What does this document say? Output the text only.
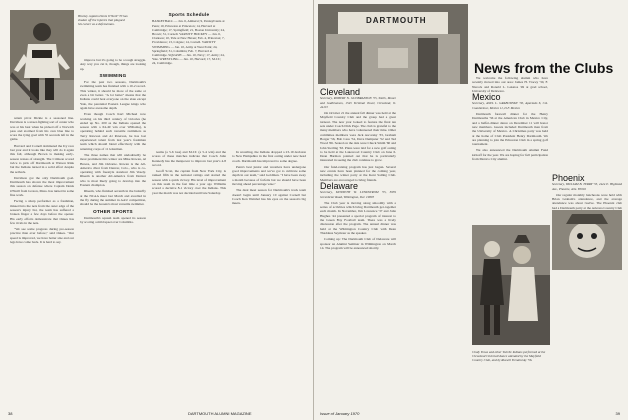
Hockey captain Denis O'Neill '70 has shaken off the injuries that plagued his career as a defenseman.

return pivot Dickie is a seasoned line. Davidson is a street-fighting sort of center who was at his best when he picked off a Norwich pass and stormed from his own blue line to score the tying goal with 55 seconds left in the game.

Harvard and Cornell dominated the Ivy race last year and it looks like they will do it again this fall, although Brown is making early-season noises of strength. The Crimson scored twice to pick off Dartmouth at Watson Rink but the Indians turned in a solid effort despite the setback.

Davidson got the only Dartmouth goal. Dartmouth has shown the most improvement this season on defense where Captain Denis O'Neill from Groton, Mass. has turned in some fine work.

Facing a sharp performer as a freshman, missed into the nets from the outer edge of the season's injury list, the team has suffered a broken finger a few days before the opener. His early efforts demonstrate that Oakes has few rivals in the nets.

"We see some progress during pre-season practice than ever before," said Oakes. "Our speed is improved, we have better size and our legs have come back. It is hard to say.

improve but it's going to be a tough struggle. Any way you cut it, though, things are looking up.

SWIMMING

For the past two seasons, Dartmouth's swimming team has finished with a 10-2 record. This winter, it should be more of the same or even a bit better. "A lot better" means that the Indians could beat everyone on the slate except Yale, the perennial Eastern League kings who again have awesome depth.

Even though Coach Karl Michael now working on his third century of victories (he ended up No. 200 as the Indians opened the season with a 64-49 win over Williams), is operating behind such versatile swimmers as Terry Rawson and Al Peterson, he has lost experienced talent from last year's freshman team which should blend effectively with the returning corps of 11 lettermen.

The three names that will undoubtedly be most prominent this winter are Mike Rowan, Al Hewes, and Jim Osborne. Rowan is the All-America diver from Denver, Colo., who is co-operating with freestyle standout Jim Vesely. Rheem is another All-America from Denver who is most likely going to develop into the Eastern champion.

Rheem, who finished seventh in the butterfly at the NCAA meet last March and excelled in the fly during the summer in AAU competition, should be the Greens's most versatile swimmer.

OTHER SPORTS

Dartmouth's squash team opened its season by scoring a mild upset over Columbia.

Sports Schedule
BASKETBALL — Jan. 6, Amherst; 9, Pennsylvania at Penn; 10, Princeton at Princeton; 14, Harvard at Cambridge; 17, Springfield; 21, Boston University; 24, Brown; 31, Cornell. VARSITY HOCKEY — Jan. 6, Clarkson; 10, Yale at New Haven; Feb. 4, Princeton; 7, Providence; 13, Colgate; 14, Cornell. VARSITY SWIMMING — Jan. 10, Army at West Point; 24, Springfield; 31, Columbia; Feb. 7, Harvard at Cambridge. SQUASH — Jan. 10, Navy; 17, Army; 24, Yale. WRESTLING — Jan. 10, Harvard; 17, M.I.T.; 24, Cambridge.

teams (a 5-6 loss) and M.I.T. (a 5-4 win) and the scores of these matches indicate that Coach John Kennedy has the manpower to improve last year's 4-8 record.

Geoff Scott, the captain from New York City, is ranked fifth in the national ratings and started the season with a quick victory. His level of improvement on this team in the fast time a year ago Williams scored a decisive 8-1 victory over the Indians. This year the match was not decided until late Saturday.

In wrestling, the Indians dropped a 23-19 decision to New Hampshire in the first outing under new head coach. Dartmouth has improved to some degree.

Penn's best junior and wrestlers have undergone good improvements and we've got to cultivate some depth in our team," said Goldman. "I have been away a month because of forfeits but we should have been moving ahead percentage wise."

The dual meet season for Dartmouth's track team doesn't begin until January 10 against Cornell but Coach Ken Weinbel has his eyes on the season's big meets.

38	DARTMOUTH ALUMNI MAGAZINE
DARTMOUTH
News from the Clubs
Cleveland
Secretary, ROBERT N. GUDBRANSON '55, Smith, Moore and Gudbranson, 1545 Terminal Tower, Cleveland, O. 44113

On October 21 the annual fall dinner was held at the Mayfield Country Club and the group had a great turnout. The new year looked to feature the final ten sets under Coach Dick Page. The club is grateful to the many members who have volunteered their time. Other committee members were Jack Ascorsky '33, Graham Borger '56, Bob Cass '54, Dave Dempster '52 and Ted Wood '66. Seated on the dais were Chuck Smith '60 and John Sterling '63. Plans were laid for a new golf outing to be held at the Lakewood Country Club on June 6. Dean Harmon pointed out that he is particularly interested in seeing the club continue to grow.

Our fund-raising program has just begun. Several new events have been planned for the coming year, including the winter party at the Kent Sailing Club. Members are encouraged to bring friends.

Delaware
Secretary, KENNETH W. LUNDSTROM '55, 3039 Greenbriar Road, Wilmington, Del. 19803

The Club year is moving along smoothly with a series of activities which bring Dartmouth get-together each month. In November, Jim Lawrence '37 and John Hughes '44 presented a special program of interest to the Green Bay Football team. There was a lively discussion after the program. The annual dinner was held at the Wilmington Country Club with Dean Thaddeus Seymour as the speaker.

Coming up: The Dartmouth Club of Delaware will sponsor an Alumni Seminar in Wilmington on March 14. The program will be announced shortly.

We welcome the following alumni who have recently moved into our area: James H. Tracey '30, F. Nurock and Ronald L. Lakatos '49 at grad school, University of Delaware.

Mexico
Secretary, AXEL L. GRABOWSKY '30, Apartado 6, Col. Cuauhtemoc, Mexico 11, D.F. Mexico

Dartmouth farewell dinner for the Henry Dartmouths '36 at the American Club in Mexico City, and a buffet-dinner dance on December 11 will honor new members. Guests included Dartmouth men from the University of Mexico. A Christmas party was held at the home of Club President Henry Dartmouth. We are planning to join the Princeton Club in a spring golf tournament.

We also announced the Dartmouth Alumni Fund kickoff for the year. We are hoping for full participation from Mexico City alumni.

Phoenix
Secretary, WILLIAM B. TERRY '55, 2424 E. Highland Ave., Phoenix, Ariz. 85016

Our regular monthly luncheons were held with Brian Graham's attendance, and the average attendance was about twelve. The Phoenix club had a Dartmouth party at the Arizona Country Club

Cindy Troas and other Twirlie Indians performed at the Cleveland Club ball dance attended by the Mayfield Country Club, and by Russell Trendovsky '56.
Issue of January 1970	39
